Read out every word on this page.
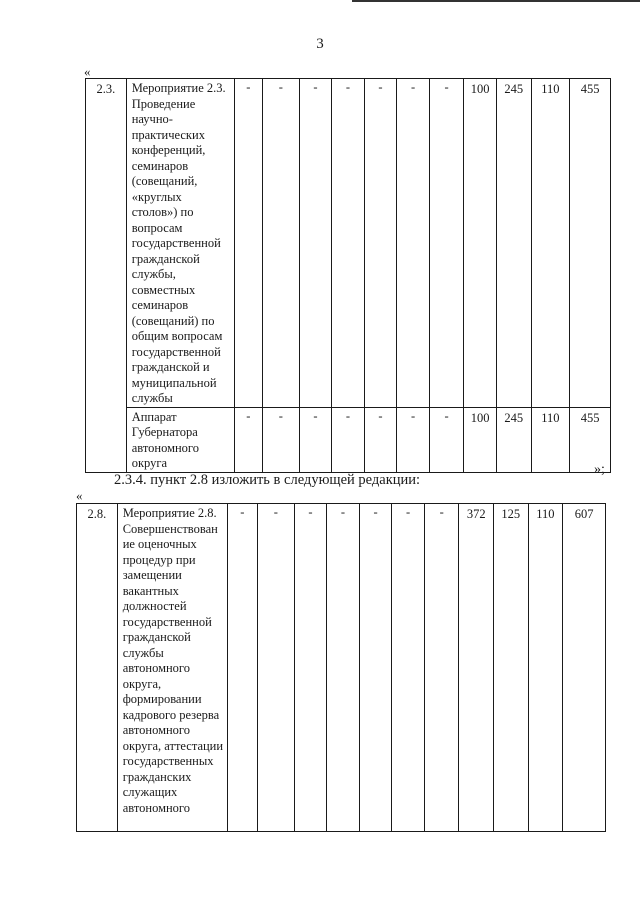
3
«
2.3.	Мероприятие 2.3. Проведение научно-практических конференций, семинаров (совещаний, «круглых столов») по вопросам государственной гражданской службы, совместных семинаров (совещаний) по общим вопросам государственной гражданской и муниципальной службы	-	-	-	-	-	-	-	100	245	110	455
	Аппарат Губернатора автономного округа	-	-	-	-	-	-	-	100	245	110	455
»;
2.3.4. пункт 2.8 изложить в следующей редакции:
«
2.8.	Мероприятие 2.8. Совершенствование оценочных процедур при замещении вакантных должностей государственной гражданской службы автономного округа, формировании кадрового резерва автономного округа, аттестации государственных гражданских служащих автономного	-	-	-	-	-	-	-	372	125	110	607
